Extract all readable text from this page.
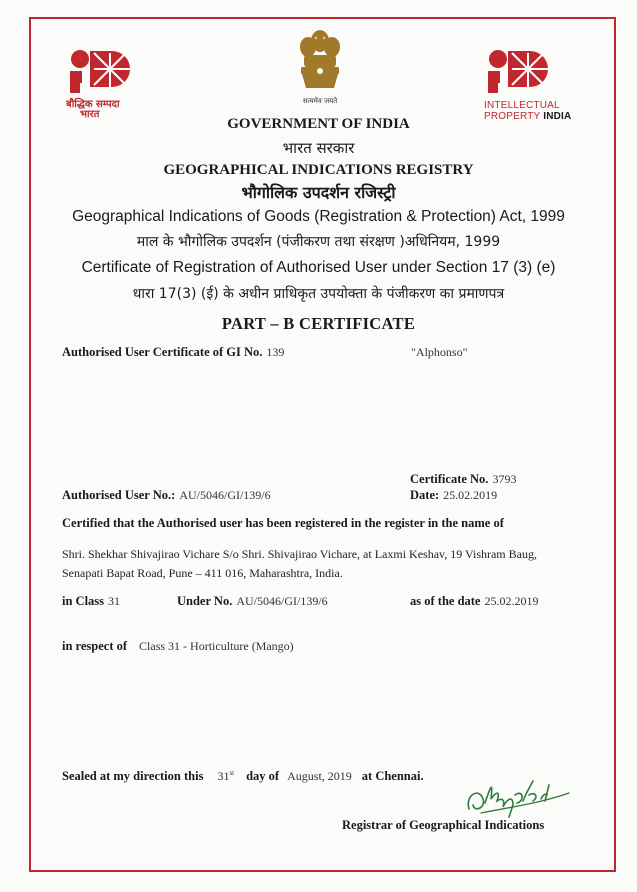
बौद्धिक सम्पदा
भारत
सत्यमेव जयते	INTELLECTUAL
PROPERTY INDIA
GOVERNMENT OF INDIA
भारत सरकार
GEOGRAPHICAL INDICATIONS REGISTRY
भौगोलिक उपदर्शन रजिस्ट्री
Geographical Indications of Goods (Registration & Protection) Act, 1999
माल के भौगोलिक उपदर्शन (पंजीकरण तथा संरक्षण )अधिनियम, 1999
Certificate of Registration of Authorised User under Section 17 (3) (e)
धारा 17(3) (ई) के अधीन प्राधिकृत उपयोक्ता के पंजीकरण का प्रमाणपत्र
PART – B CERTIFICATE
Authorised User Certificate of GI No. 139	"Alphonso"
Certificate No. 3793
Authorised User No.: AU/5046/GI/139/6	Date: 25.02.2019
Certified that the Authorised user has been registered in the register in the name of
Shri. Shekhar Shivajirao Vichare S/o Shri. Shivajirao Vichare, at Laxmi Keshav, 19 Vishram Baug,
Senapati Bapat Road, Pune – 411 016, Maharashtra, India.
in Class 31	Under No. AU/5046/GI/139/6	as of the date 25.02.2019
in respect of Class 31 - Horticulture (Mango)
Sealed at my direction this 31st day of August, 2019 at Chennai.
Registrar of Geographical Indications
